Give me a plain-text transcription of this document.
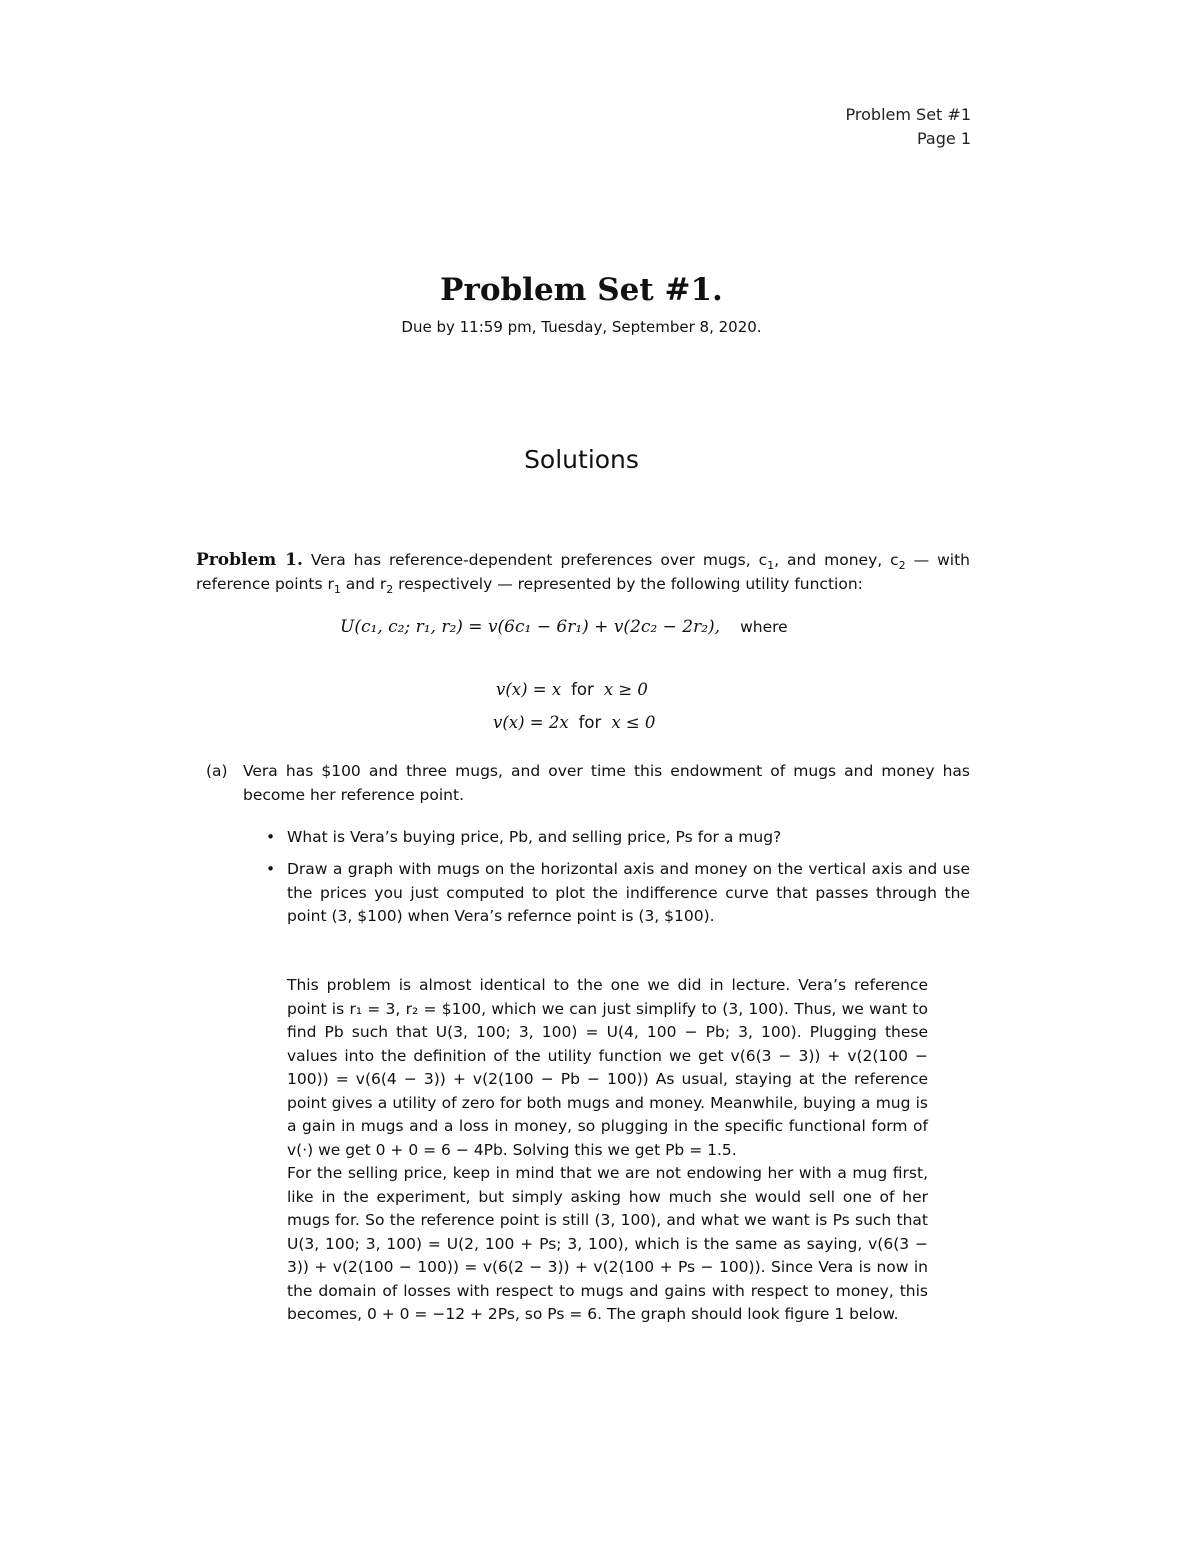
Problem Set #1
Page 1
Problem Set #1.
Due by 11:59 pm, Tuesday, September 8, 2020.
Solutions
Problem 1. Vera has reference-dependent preferences over mugs, $c_1$, and money, $c_2$ — with reference points $r_1$ and $r_2$ respectively — represented by the following utility function:
U(c₁, c₂; r₁, r₂) = v(6c₁ − 6r₁) + v(2c₂ − 2r₂), where
v(x) = x for x ≥ 0
v(x) = 2x for x ≤ 0
(a) Vera has $100 and three mugs, and over time this endowment of mugs and money has become her reference point.
• What is Vera’s buying price, Pb, and selling price, Ps for a mug?
• Draw a graph with mugs on the horizontal axis and money on the vertical axis and use the prices you just computed to plot the indifference curve that passes through the point (3, $100) when Vera’s refernce point is (3, $100).

This problem is almost identical to the one we did in lecture. Vera’s reference point is r₁ = 3, r₂ = $100, which we can just simplify to (3, 100). Thus, we want to find Pb such that U(3, 100; 3, 100) = U(4, 100 − Pb; 3, 100). Plugging these values into the definition of the utility function we get v(6(3 − 3)) + v(2(100 − 100)) = v(6(4 − 3)) + v(2(100 − Pb − 100)) As usual, staying at the reference point gives a utility of zero for both mugs and money. Meanwhile, buying a mug is a gain in mugs and a loss in money, so plugging in the specific functional form of v(·) we get 0 + 0 = 6 − 4Pb. Solving this we get Pb = 1.5.

For the selling price, keep in mind that we are not endowing her with a mug first, like in the experiment, but simply asking how much she would sell one of her mugs for. So the reference point is still (3, 100), and what we want is Ps such that U(3, 100; 3, 100) = U(2, 100 + Ps; 3, 100), which is the same as saying, v(6(3 − 3)) + v(2(100 − 100)) = v(6(2 − 3)) + v(2(100 + Ps − 100)). Since Vera is now in the domain of losses with respect to mugs and gains with respect to money, this becomes, 0 + 0 = −12 + 2Ps, so Ps = 6. The graph should look figure 1 below.
